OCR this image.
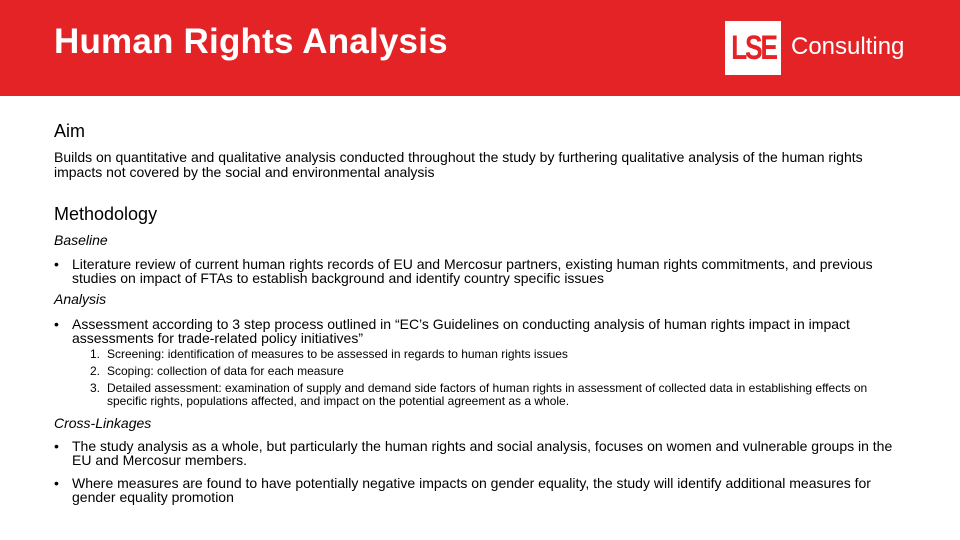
Human Rights Analysis	LSE Consulting
Aim
Builds on quantitative and qualitative analysis conducted throughout the study by furthering qualitative analysis of the human rights impacts not covered by the social and environmental analysis
Methodology
Baseline
• Literature review of current human rights records of EU and Mercosur partners, existing human rights commitments, and previous studies on impact of FTAs to establish background and identify country specific issues
Analysis
• Assessment according to 3 step process outlined in “EC’s Guidelines on conducting analysis of human rights impact in impact assessments for trade-related policy initiatives”
1. Screening: identification of measures to be assessed in regards to human rights issues
2. Scoping: collection of data for each measure
3. Detailed assessment: examination of supply and demand side factors of human rights in assessment of collected data in establishing effects on specific rights, populations affected, and impact on the potential agreement as a whole.
Cross-Linkages
• The study analysis as a whole, but particularly the human rights and social analysis, focuses on women and vulnerable groups in the EU and Mercosur members.
• Where measures are found to have potentially negative impacts on gender equality, the study will identify additional measures for gender equality promotion
